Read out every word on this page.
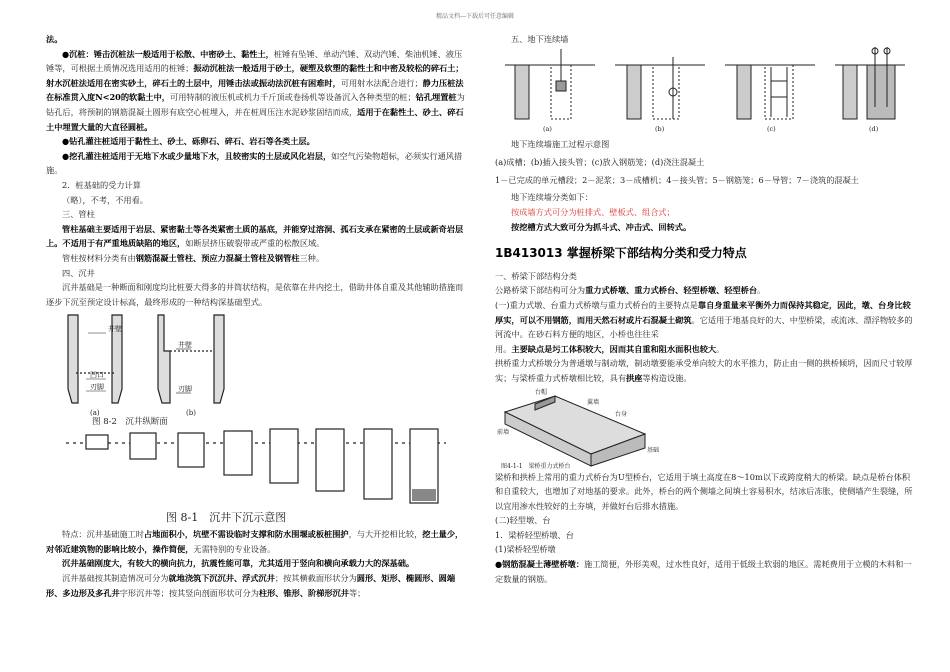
精品文档---下载后可任意编辑

法。

●沉桩：锤击沉桩法一般适用于松散、中密砂土、黏性土，桩锤有坠锤、单动汽锤、双动汽锤、柴油机锤、液压锤等，可根据土质情况选用适用的桩锤；振动沉桩法一般适用于砂土，硬塑及软塑的黏性土和中密及较松的碎石土；射水沉桩法适用在密实砂土，碎石土的土层中，用锤击法或振动法沉桩有困难时，可用射水法配合进行；静力压桩法在标准贯入度N<20的软黏土中，可用特制的液压机或机力千斤顶或卷扬机等设备沉入各种类型的桩；钻孔埋置桩为钻孔后，将预制的钢筋混凝土圆形有底空心桩埋入，并在桩周压注水泥砂浆固结而成，适用于在黏性土、砂土、碎石土中埋置大量的大直径圆桩。

●钻孔灌注桩适用于黏性土、砂土、砾卵石、碎石、岩石等各类土层。

●挖孔灌注桩适用于无地下水或少量地下水，且较密实的土层或风化岩层，如空气污染物超标，必须实行通风措施。

2．桩基础的受力计算

（略），不考，不用看。

三、管柱

管柱基础主要适用于岩层、紧密黏土等各类紧密土质的基底，并能穿过溶洞、孤石支承在紧密的土层或新奇岩层上。不适用于有严重地质缺陷的地区，如断层挤压破裂带或严重的松散区域。

管柱按材料分类有由钢筋混凝土管柱、预应力混凝土管柱及钢管柱三种。

四、沉井

沉井基础是一种断面和刚度均比桩要大得多的井筒状结构，是依靠在井内挖土，借助井体自重及其他辅助措施而逐步下沉至预定设计标高，最终形成的一种结构深基础型式。

井壁
凹口
刃脚
井壁
刃脚
(a)	(b)
图 8-2　沉井纵断面
图 8-1　沉井下沉示意图

特点：沉井基础施工时占地面积小，坑壁不需设临时支撑和防水围堰或板桩围护，与大开挖相比较，挖土量少，对邻近建筑物的影响比较小，操作简便，无需特别的专业设备。

沉井基础刚度大，有较大的横向抗力，抗震性能可靠，尤其适用于竖向和横向承载力大的深基础。

沉井基础按其制造情况可分为就地浇筑下沉沉井、浮式沉井；按其横截面形状分为圆形、矩形、椭圆形、圆端形、多边形及多孔井字形沉井等；按其竖向剖面形状可分为柱形、锥形、阶梯形沉井等；

五、地下连续墙

(a)	(b)	(c)	(d)

地下连续墙施工过程示意图

(a)成槽；(b)插入接头管；(c)放入钢筋笼；(d)浇注混凝土

1－已完成的单元槽段；2－泥浆；3－成槽机；4－接头管；5－钢筋笼；6－导管；7－浇筑的混凝土

地下连续墙分类如下：

按成墙方式可分为桩排式、壁板式、组合式；

按挖槽方式大致可分为抓斗式、冲击式、回转式。

1B413013 掌握桥梁下部结构分类和受力特点

一、桥梁下部结构分类

公路桥梁下部结构可分为重力式桥墩、重力式桥台、轻型桥墩、轻型桥台。

(一)重力式墩、台重力式桥墩与重力式桥台的主要特点是靠自身重量来平衡外力而保持其稳定，因此，墩、台身比较厚实，可以不用钢筋，而用天然石材或片石混凝土砌筑。它适用于地基良好的大、中型桥梁，或流冰、漂浮物较多的河流中。在砂石料方便的地区，小桥也往往采

用。主要缺点是圬工体积较大，因而其自重和阻水面积也较大。

拱桥重力式桥墩分为普通墩与制动墩，制动墩要能承受单向较大的水平推力，防止由一侧的拱桥倾坍，因而尺寸较厚实；与梁桥重力式桥墩相比较，具有拱座等构造设施。

台帽
翼墙
台身
基础
前墙
图4-1-1　梁桥重力式桥台

梁桥和拱桥上常用的重力式桥台为U型桥台，它适用于填土高度在8～10m以下或跨度稍大的桥梁。缺点是桥台体积和自重较大，也增加了对地基的要求。此外，桥台的两个侧墙之间填土容易积水，结冰后冻胀，使侧墙产生裂缝，所以宜用渗水性较好的土夯填，并做好台后排水措施。

(二)轻型墩、台

1．梁桥轻型桥墩、台

(1)梁桥轻型桥墩

●钢筋混凝土薄壁桥墩：施工简便，外形美观，过水性良好，适用于低级土软弱的地区。需耗费用于立模的木料和一定数量的钢筋。
